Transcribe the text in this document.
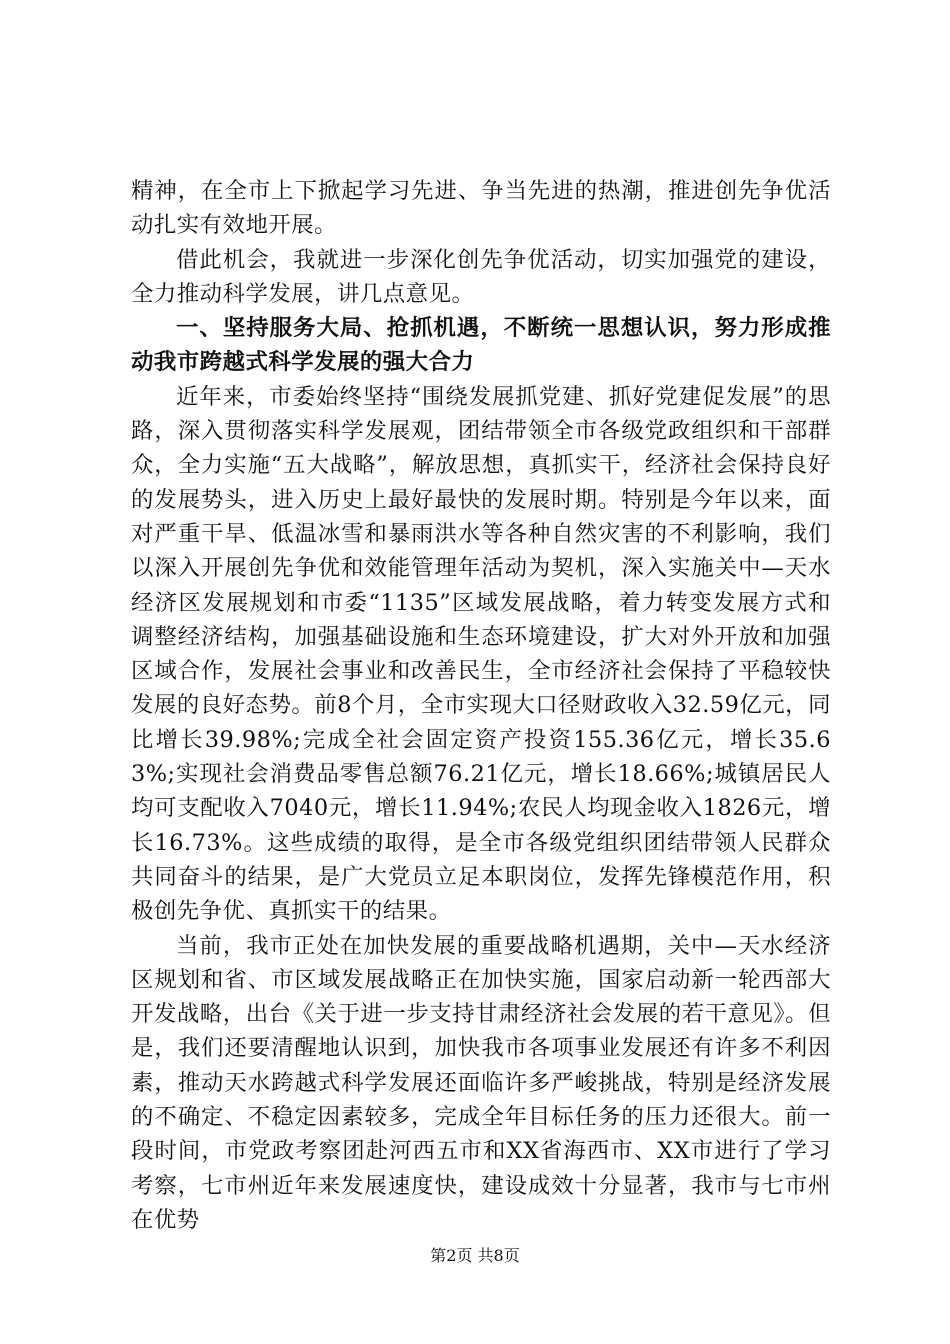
精神，在全市上下掀起学习先进、争当先进的热潮，推进创先争优活动扎实有效地开展。

借此机会，我就进一步深化创先争优活动，切实加强党的建设，全力推动科学发展，讲几点意见。

一、坚持服务大局、抢抓机遇，不断统一思想认识，努力形成推动我市跨越式科学发展的强大合力

近年来，市委始终坚持“围绕发展抓党建、抓好党建促发展”的思路，深入贯彻落实科学发展观，团结带领全市各级党政组织和干部群众，全力实施“五大战略”，解放思想，真抓实干，经济社会保持良好的发展势头，进入历史上最好最快的发展时期。特别是今年以来，面对严重干旱、低温冰雪和暴雨洪水等各种自然灾害的不利影响，我们以深入开展创先争优和效能管理年活动为契机，深入实施关中—天水经济区发展规划和市委“1135”区域发展战略，着力转变发展方式和调整经济结构，加强基础设施和生态环境建设，扩大对外开放和加强区域合作，发展社会事业和改善民生，全市经济社会保持了平稳较快发展的良好态势。前8个月，全市实现大口径财政收入32.59亿元，同比增长39.98%;完成全社会固定资产投资155.36亿元，增长35.63%;实现社会消费品零售总额76.21亿元，增长18.66%;城镇居民人均可支配收入7040元，增长11.94%;农民人均现金收入1826元，增长16.73%。这些成绩的取得，是全市各级党组织团结带领人民群众共同奋斗的结果，是广大党员立足本职岗位，发挥先锋模范作用，积极创先争优、真抓实干的结果。

当前，我市正处在加快发展的重要战略机遇期，关中—天水经济区规划和省、市区域发展战略正在加快实施，国家启动新一轮西部大开发战略，出台《关于进一步支持甘肃经济社会发展的若干意见》。但是，我们还要清醒地认识到，加快我市各项事业发展还有许多不利因素，推动天水跨越式科学发展还面临许多严峻挑战，特别是经济发展的不确定、不稳定因素较多，完成全年目标任务的压力还很大。前一段时间，市党政考察团赴河西五市和XX省海西市、XX市进行了学习考察，七市州近年来发展速度快，建设成效十分显著，我市与七市州在优势

第2页 共8页
